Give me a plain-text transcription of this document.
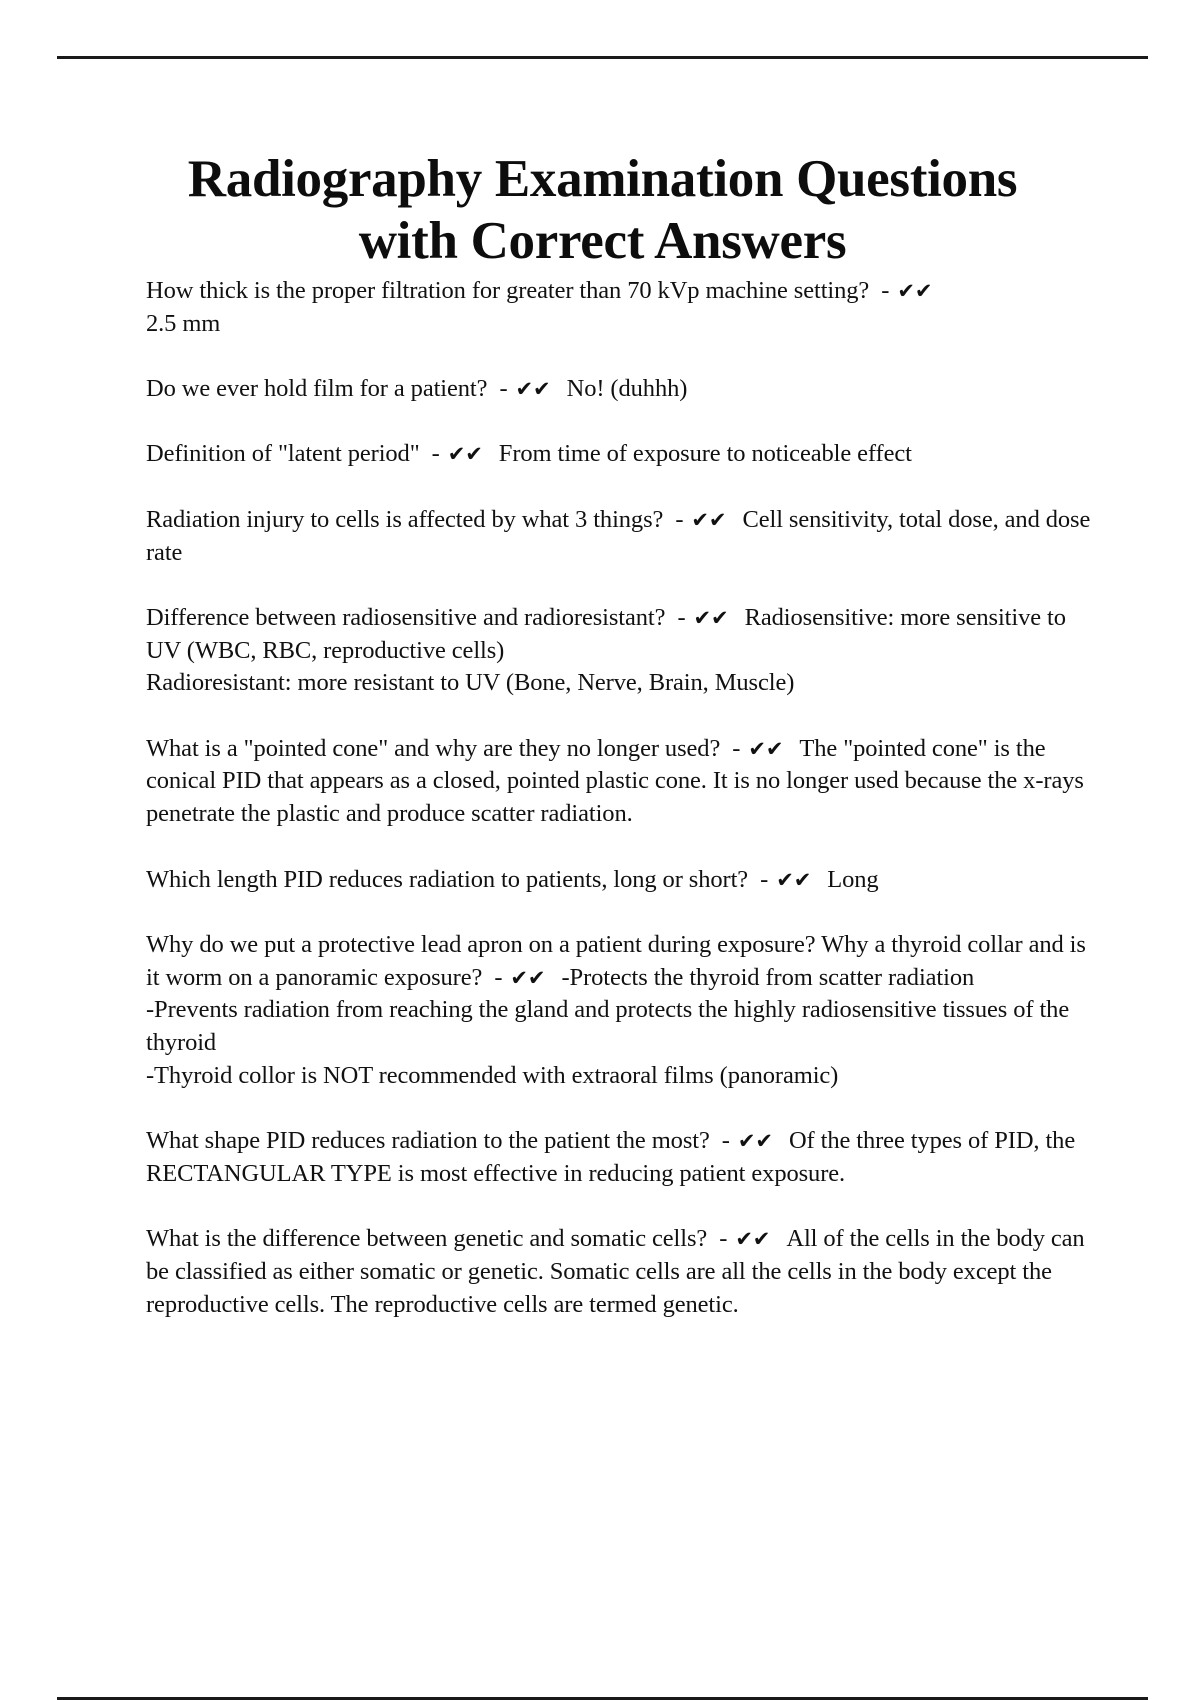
Radiography Examination Questions
with Correct Answers

How thick is the proper filtration for greater than 70 kVp machine setting? - ✔✔
2.5 mm

Do we ever hold film for a patient? - ✔✔ No! (duhhh)

Definition of "latent period" - ✔✔ From time of exposure to noticeable effect

Radiation injury to cells is affected by what 3 things? - ✔✔ Cell sensitivity, total dose, and dose rate

Difference between radiosensitive and radioresistant? - ✔✔ Radiosensitive: more sensitive to UV (WBC, RBC, reproductive cells)
Radioresistant: more resistant to UV (Bone, Nerve, Brain, Muscle)

What is a "pointed cone" and why are they no longer used? - ✔✔ The "pointed cone" is the conical PID that appears as a closed, pointed plastic cone. It is no longer used because the x-rays penetrate the plastic and produce scatter radiation.

Which length PID reduces radiation to patients, long or short? - ✔✔ Long

Why do we put a protective lead apron on a patient during exposure? Why a thyroid collar and is it worm on a panoramic exposure? - ✔✔ -Protects the thyroid from scatter radiation
-Prevents radiation from reaching the gland and protects the highly radiosensitive tissues of the thyroid
-Thyroid collor is NOT recommended with extraoral films (panoramic)

What shape PID reduces radiation to the patient the most? - ✔✔ Of the three types of PID, the RECTANGULAR TYPE is most effective in reducing patient exposure.

What is the difference between genetic and somatic cells? - ✔✔ All of the cells in the body can be classified as either somatic or genetic. Somatic cells are all the cells in the body except the reproductive cells. The reproductive cells are termed genetic.
